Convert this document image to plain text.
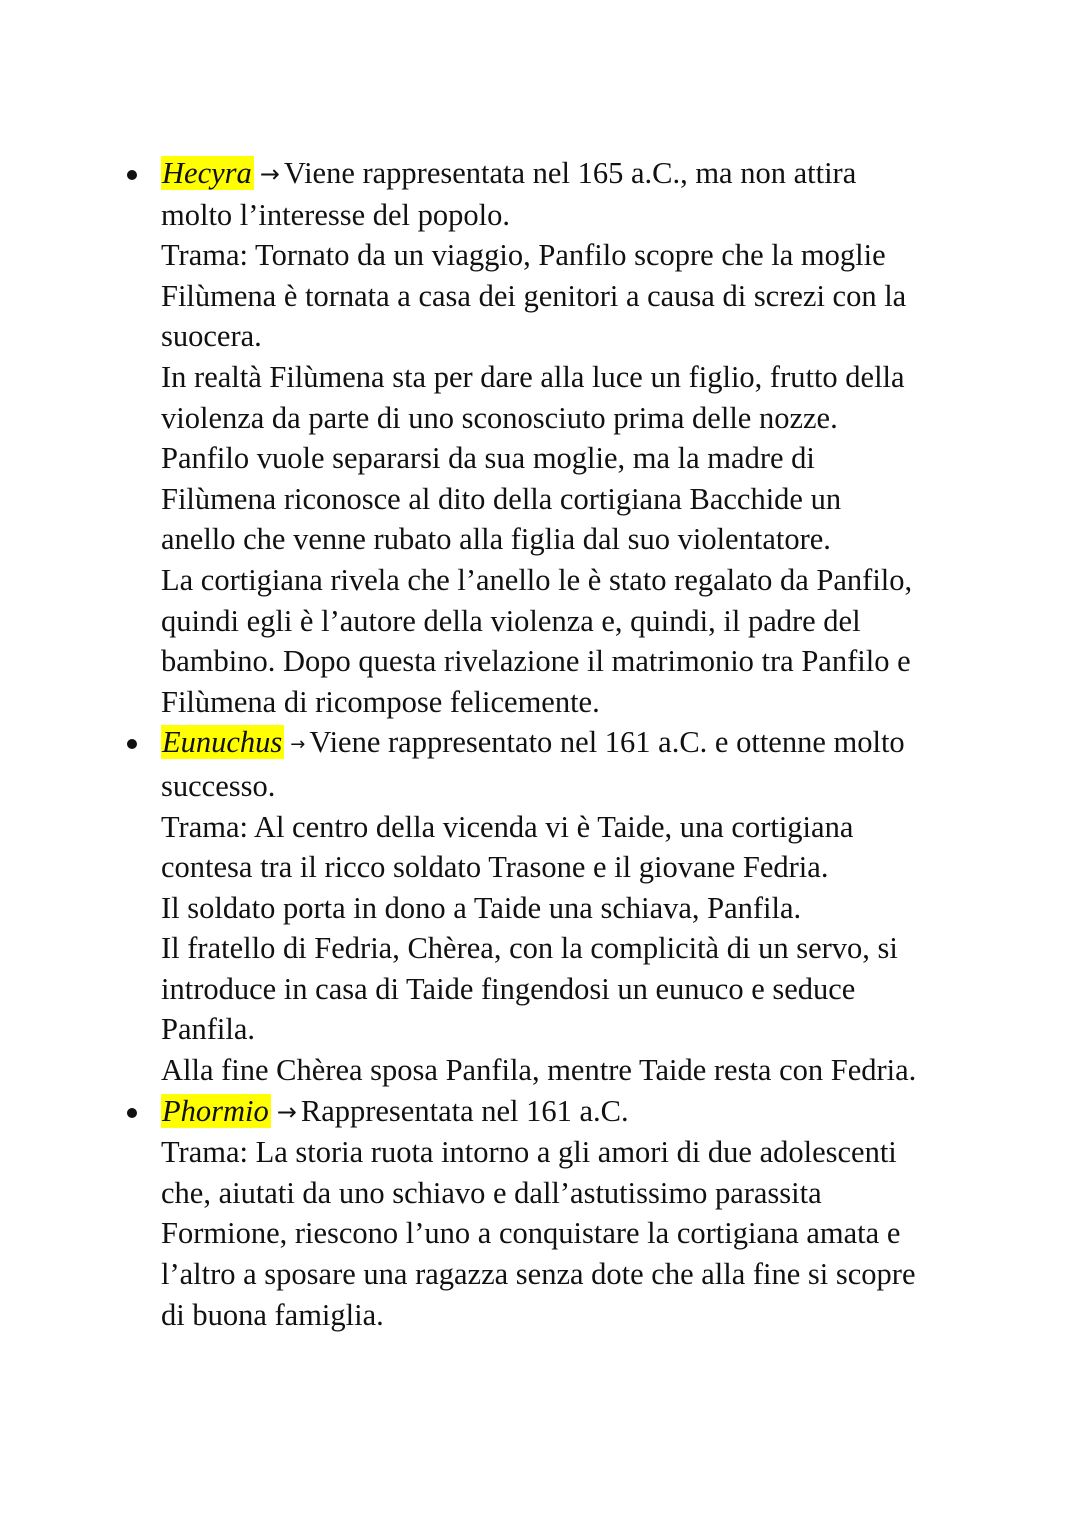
Hecyra → Viene rappresentata nel 165 a.C., ma non attira
molto l’interesse del popolo.
Trama: Tornato da un viaggio, Panfilo scopre che la moglie
Filùmena è tornata a casa dei genitori a causa di screzi con la
suocera.
In realtà Filùmena sta per dare alla luce un figlio, frutto della
violenza da parte di uno sconosciuto prima delle nozze.
Panfilo vuole separarsi da sua moglie, ma la madre di
Filùmena riconosce al dito della cortigiana Bacchide un
anello che venne rubato alla figlia dal suo violentatore.
La cortigiana rivela che l’anello le è stato regalato da Panfilo,
quindi egli è l’autore della violenza e, quindi, il padre del
bambino. Dopo questa rivelazione il matrimonio tra Panfilo e
Filùmena di ricompose felicemente.
Eunuchus → Viene rappresentato nel 161 a.C. e ottenne molto
successo.
Trama: Al centro della vicenda vi è Taide, una cortigiana
contesa tra il ricco soldato Trasone e il giovane Fedria.
Il soldato porta in dono a Taide una schiava, Panfila.
Il fratello di Fedria, Chèrea, con la complicità di un servo, si
introduce in casa di Taide fingendosi un eunuco e seduce
Panfila.
Alla fine Chèrea sposa Panfila, mentre Taide resta con Fedria.
Phormio → Rappresentata nel 161 a.C.
Trama: La storia ruota intorno a gli amori di due adolescenti
che, aiutati da uno schiavo e dall’astutissimo parassita
Formione, riescono l’uno a conquistare la cortigiana amata e
l’altro a sposare una ragazza senza dote che alla fine si scopre
di buona famiglia.
